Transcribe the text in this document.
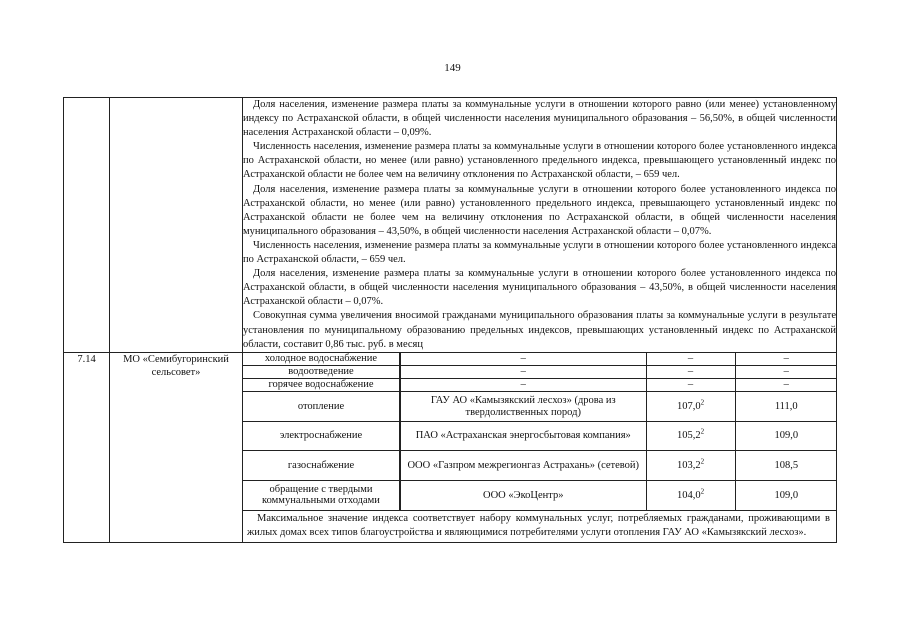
149

Доля населения, изменение размера платы за коммунальные услуги в отношении которого равно (или менее) установленному индексу по Астраханской области, в общей численности населения муниципального образования – 56,50%, в общей численности населения Астраханской области – 0,09%.

Численность населения, изменение размера платы за коммунальные услуги в отношении которого более установленного индекса по Астраханской области, но менее (или равно) установленного предельного индекса, превышающего установленный индекс по Астраханской области не более чем на величину отклонения по Астраханской области, – 659 чел.

Доля населения, изменение размера платы за коммунальные услуги в отношении которого более установленного индекса по Астраханской области, но менее (или равно) установленного предельного индекса, превышающего установленный индекс по Астраханской области не более чем на величину отклонения по Астраханской области, в общей численности населения муниципального образования – 43,50%, в общей численности населения Астраханской области – 0,07%.

Численность населения, изменение размера платы за коммунальные услуги в отношении которого более установленного индекса по Астраханской области, – 659 чел.

Доля населения, изменение размера платы за коммунальные услуги в отношении которого более установленного индекса по Астраханской области, в общей численности населения муниципального образования – 43,50%, в общей численности населения Астраханской области – 0,07%.

Совокупная сумма увеличения вносимой гражданами муниципального образования платы за коммунальные услуги в результате установления по муниципальному образованию предельных индексов, превышающих установленный индекс по Астраханской области, составит 0,86 тыс. руб. в месяц

7.14	МО «Семибугоринский сельсовет»	
холодное водоснабжение	–	–	–
водоотведение	–	–	–
горячее водоснабжение	–	–	–
отопление	ГАУ АО «Камызякский лесхоз» (дрова из твердолиственных пород)	107,0$^2$	111,0
электроснабжение	ПАО «Астраханская энергосбытовая компания»	105,2$^2$	109,0
газоснабжение	ООО «Газпром межрегионгаз Астрахань» (сетевой)	103,2$^2$	108,5
обращение с твердыми коммунальными отходами	ООО «ЭкоЦентр»	104,0$^2$	109,0

Максимальное значение индекса соответствует набору коммунальных услуг, потребляемых гражданами, проживающими в жилых домах всех типов благоустройства и являющимися потребителями услуги отопления ГАУ АО «Камызякский лесхоз».
